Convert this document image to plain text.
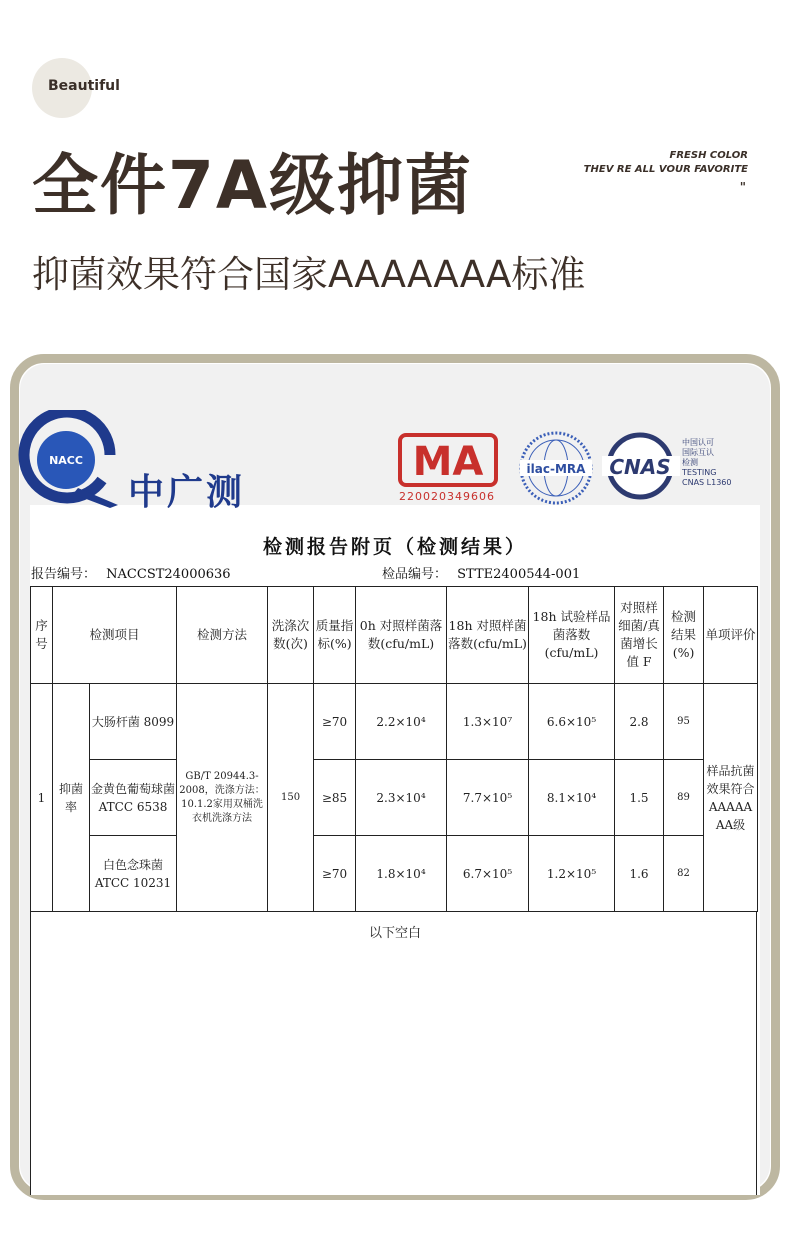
Beautiful
全件7A级抑菌	FRESH COLOR
THEV RE ALL VOUR FAVORITE
"
抑菌效果符合国家AAAAAAA标准
NACC
中广测
MA
220020349606
ilac-MRA CNAS
中国认可
国际互认
检测
TESTING
CNAS L1360
检测报告附页（检测结果）
报告编号： NACCST24000636	检品编号： STTE2400544-001
序号	检测项目		检测方法	洗涤次数(次)	质量指标(%)	0h 对照样菌落数(cfu/mL)	18h 对照样菌落数(cfu/mL)	18h 试验样品菌落数(cfu/mL)	对照样细菌/真菌增长值 F	检测结果(%)	单项评价
1	抑菌率	大肠杆菌 8099	GB/T 20944.3-2008，洗涤方法：10.1.2家用双桶洗衣机洗涤方法	150	≥70	2.2×10⁴	1.3×10⁷	6.6×10⁵	2.8	95	样品抗菌效果符合AAAAAAA级
		金黄色葡萄球菌 ATCC 6538			≥85	2.3×10⁴	7.7×10⁵	8.1×10⁴	1.5	89	
		白色念珠菌 ATCC 10231			≥70	1.8×10⁴	6.7×10⁵	1.2×10⁵	1.6	82	
以下空白
